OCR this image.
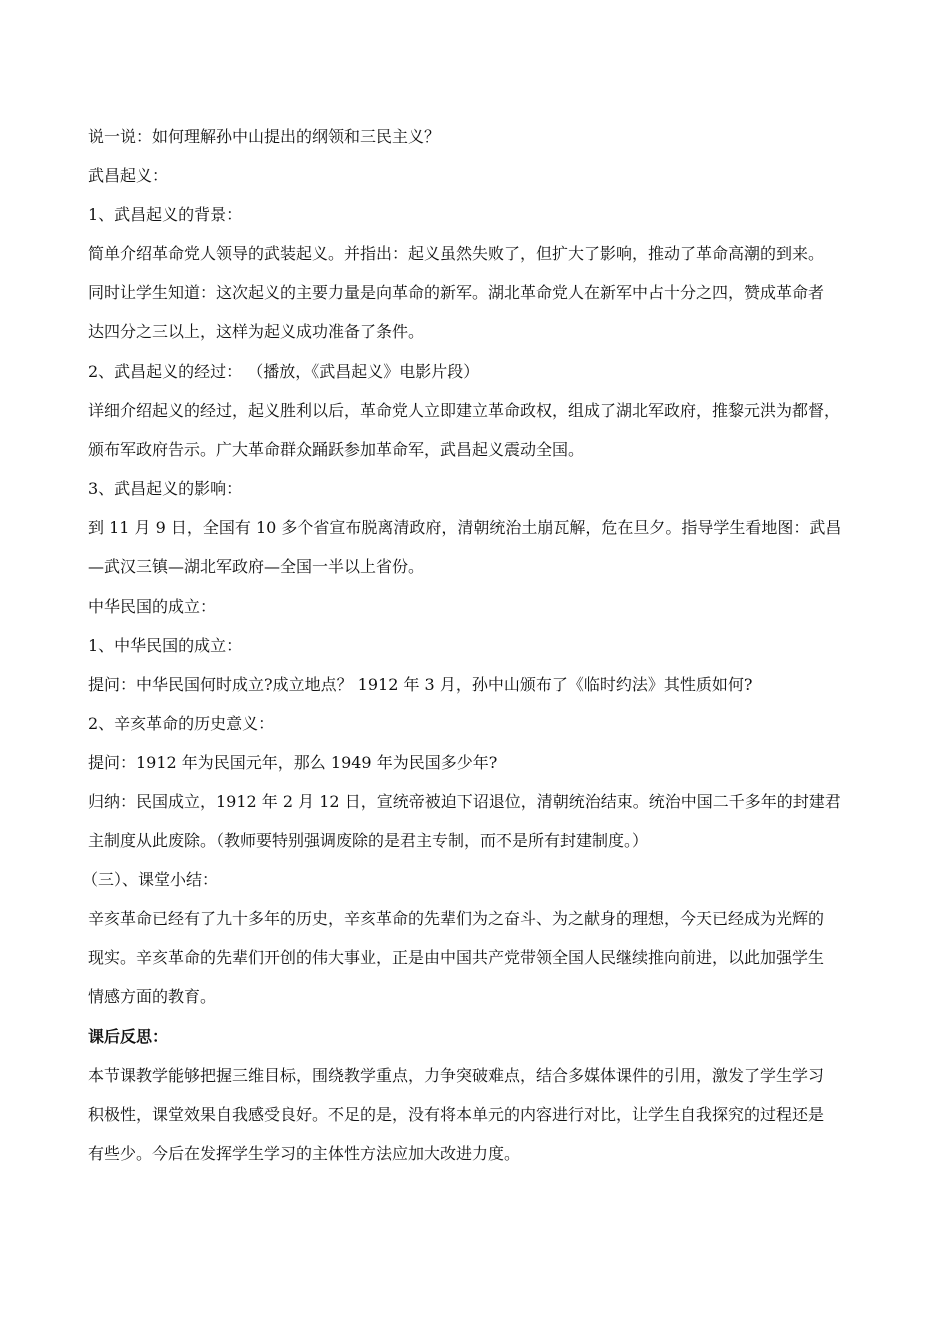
说一说：如何理解孙中山提出的纲领和三民主义？
武昌起义：
1、武昌起义的背景：
简单介绍革命党人领导的武装起义。并指出：起义虽然失败了，但扩大了影响，推动了革命高潮的到来。
同时让学生知道：这次起义的主要力量是向革命的新军。湖北革命党人在新军中占十分之四，赞成革命者
达四分之三以上，这样为起义成功准备了条件。
2、武昌起义的经过： （播放，《武昌起义》电影片段）
详细介绍起义的经过，起义胜利以后，革命党人立即建立革命政权，组成了湖北军政府，推黎元洪为都督，
颁布军政府告示。广大革命群众踊跃参加革命军，武昌起义震动全国。
3、武昌起义的影响：
到 11 月 9 日，全国有 10 多个省宣布脱离清政府，清朝统治土崩瓦解，危在旦夕。指导学生看地图：武昌
—武汉三镇—湖北军政府—全国一半以上省份。
中华民国的成立：
1、中华民国的成立：
提问：中华民国何时成立?成立地点？ 1912 年 3 月，孙中山颁布了《临时约法》其性质如何?
2、辛亥革命的历史意义：
提问：1912 年为民国元年，那么 1949 年为民国多少年?
归纳：民国成立，1912 年 2 月 12 日，宣统帝被迫下诏退位，清朝统治结束。统治中国二千多年的封建君
主制度从此废除。（教师要特别强调废除的是君主专制，而不是所有封建制度。）
（三）、课堂小结：
辛亥革命已经有了九十多年的历史，辛亥革命的先辈们为之奋斗、为之献身的理想，今天已经成为光辉的
现实。辛亥革命的先辈们开创的伟大事业，正是由中国共产党带领全国人民继续推向前进，以此加强学生
情感方面的教育。
课后反思：
本节课教学能够把握三维目标，围绕教学重点，力争突破难点，结合多媒体课件的引用，激发了学生学习
积极性，课堂效果自我感受良好。不足的是，没有将本单元的内容进行对比，让学生自我探究的过程还是
有些少。今后在发挥学生学习的主体性方法应加大改进力度。
